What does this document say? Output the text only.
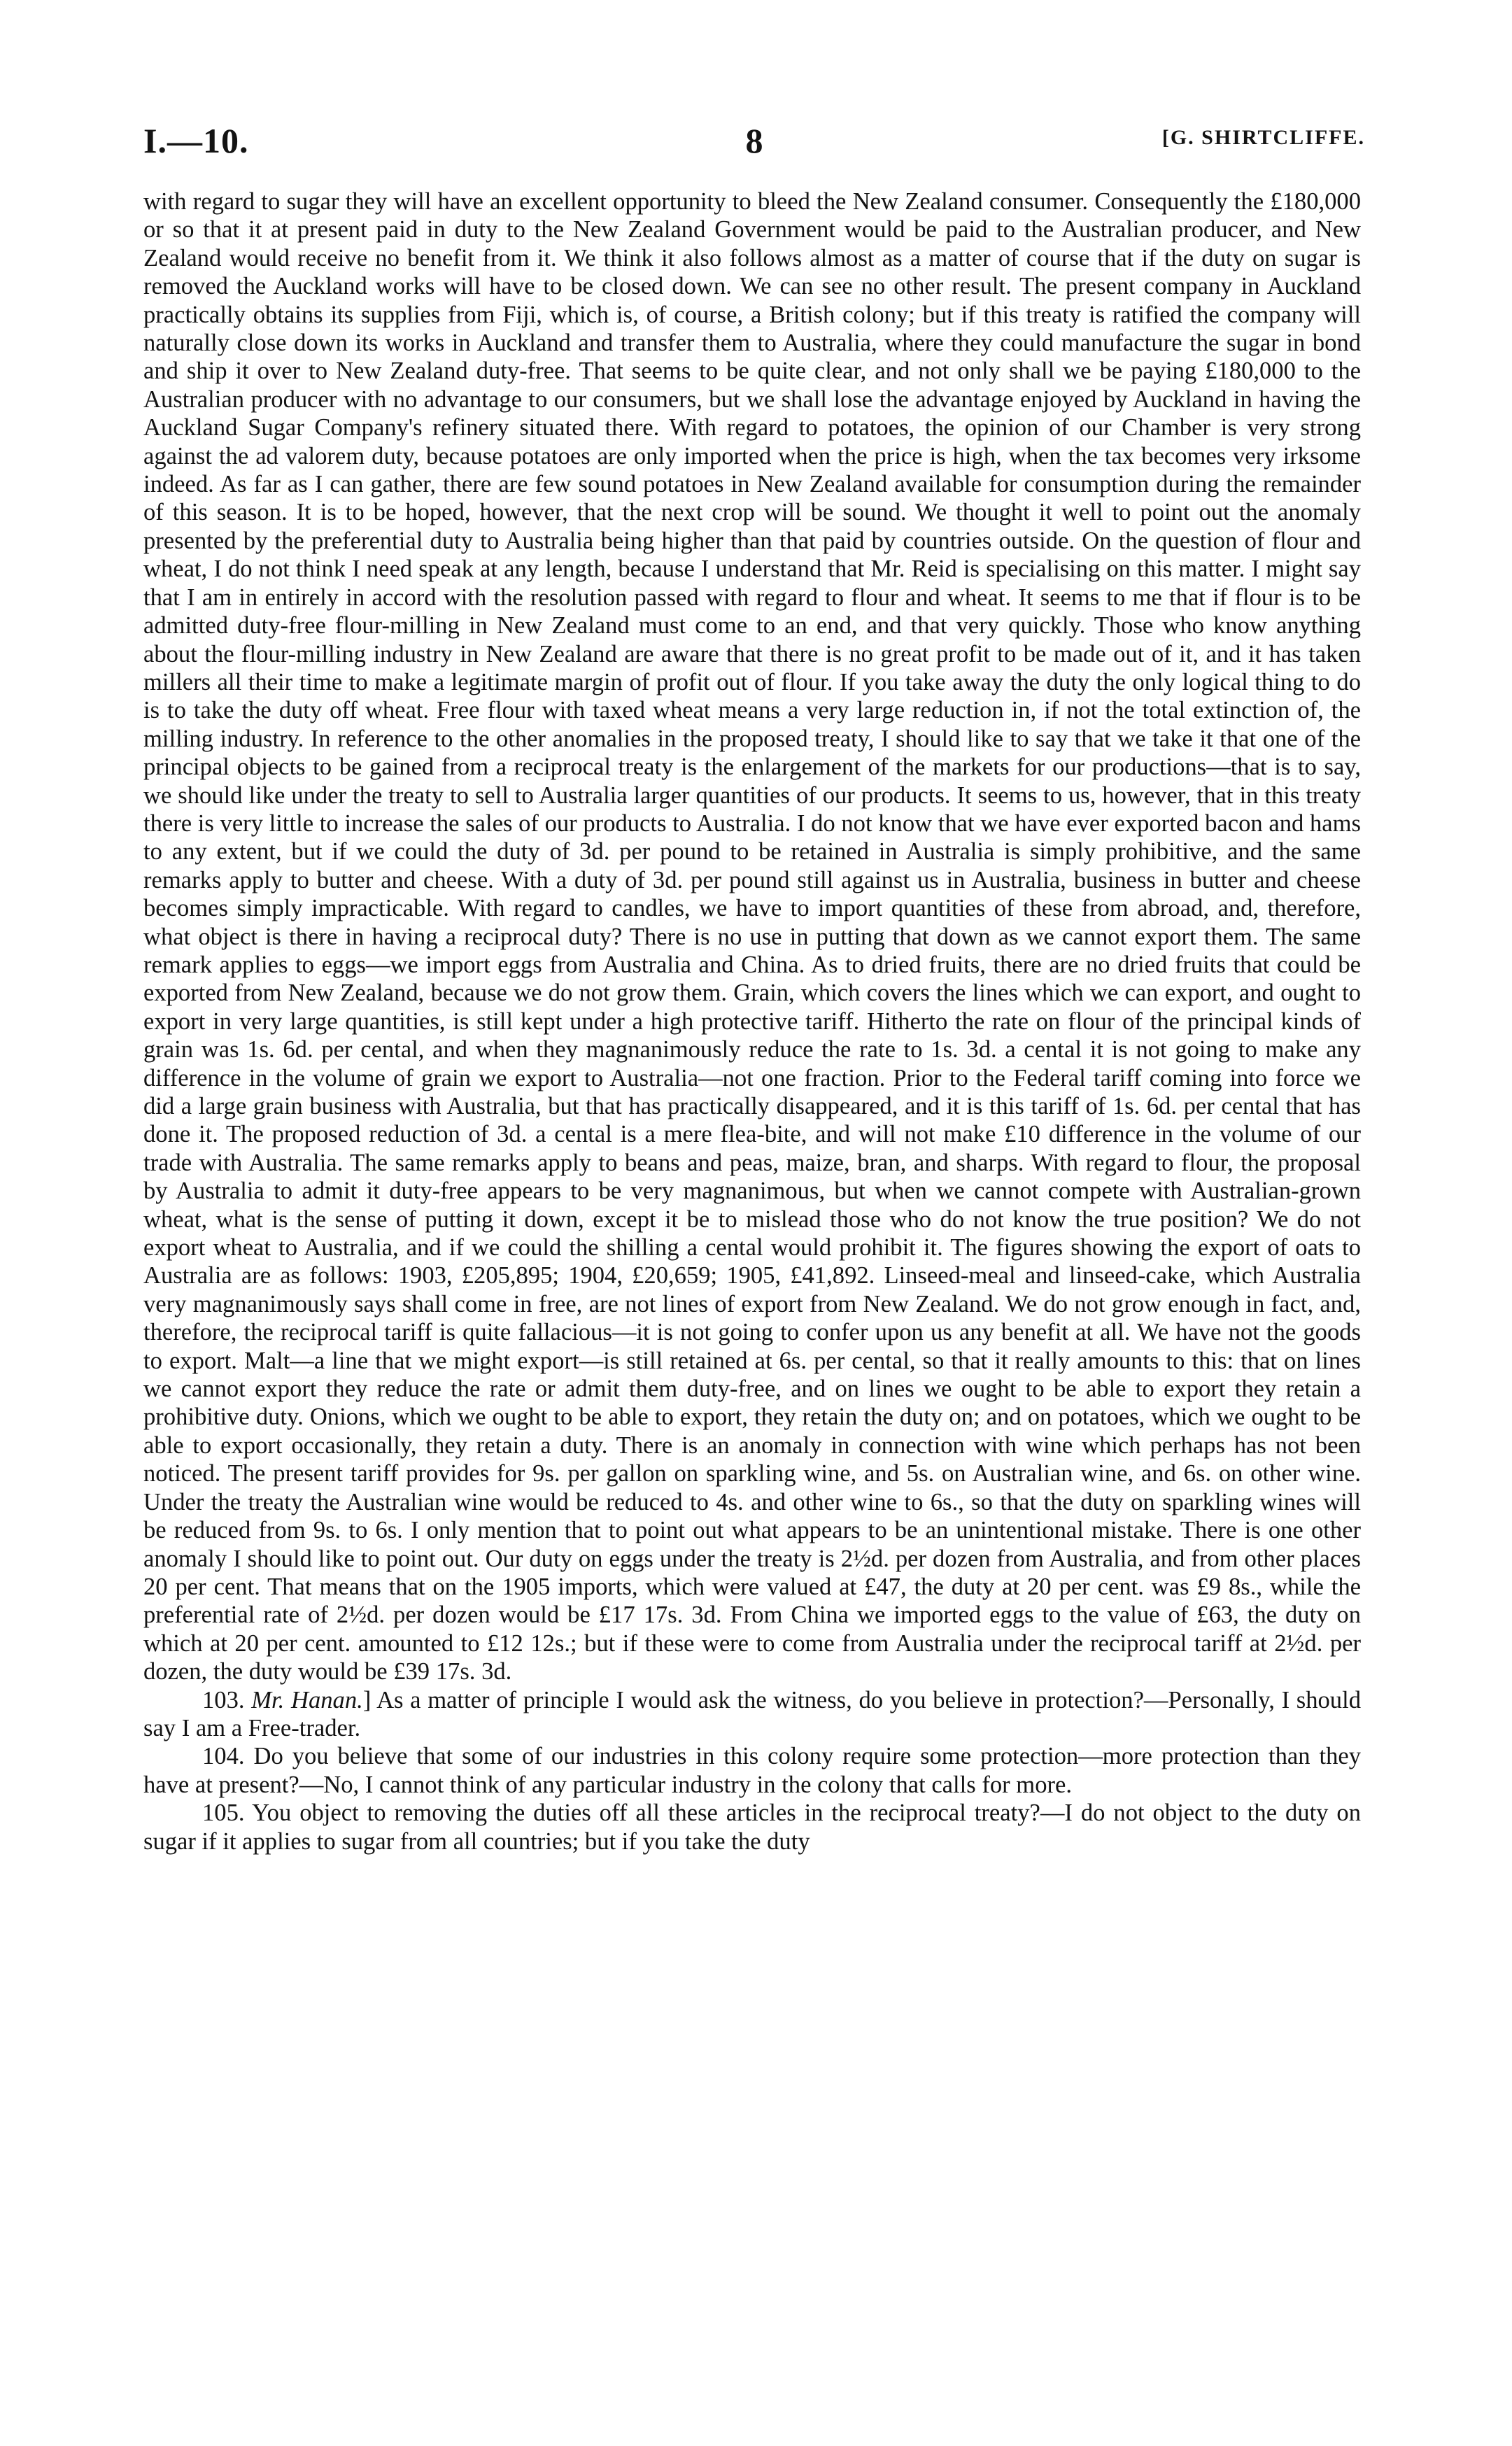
I.—10.	8	[G. SHIRTCLIFFE.

with regard to sugar they will have an excellent opportunity to bleed the New Zealand consumer. Consequently the £180,000 or so that it at present paid in duty to the New Zealand Government would be paid to the Australian producer, and New Zealand would receive no benefit from it. We think it also follows almost as a matter of course that if the duty on sugar is removed the Auckland works will have to be closed down. We can see no other result. The present company in Auckland practically obtains its supplies from Fiji, which is, of course, a British colony; but if this treaty is ratified the company will naturally close down its works in Auckland and transfer them to Australia, where they could manufacture the sugar in bond and ship it over to New Zealand duty-free. That seems to be quite clear, and not only shall we be paying £180,000 to the Australian producer with no advantage to our consumers, but we shall lose the advantage enjoyed by Auckland in having the Auckland Sugar Company's refinery situated there. With regard to potatoes, the opinion of our Chamber is very strong against the ad valorem duty, because potatoes are only imported when the price is high, when the tax becomes very irksome indeed. As far as I can gather, there are few sound potatoes in New Zealand available for consumption during the remainder of this season. It is to be hoped, however, that the next crop will be sound. We thought it well to point out the anomaly presented by the preferential duty to Australia being higher than that paid by countries outside. On the question of flour and wheat, I do not think I need speak at any length, because I understand that Mr. Reid is specialising on this matter. I might say that I am in entirely in accord with the resolution passed with regard to flour and wheat. It seems to me that if flour is to be admitted duty-free flour-milling in New Zealand must come to an end, and that very quickly. Those who know anything about the flour-milling industry in New Zealand are aware that there is no great profit to be made out of it, and it has taken millers all their time to make a legitimate margin of profit out of flour. If you take away the duty the only logical thing to do is to take the duty off wheat. Free flour with taxed wheat means a very large reduction in, if not the total extinction of, the milling industry. In reference to the other anomalies in the proposed treaty, I should like to say that we take it that one of the principal objects to be gained from a reciprocal treaty is the enlargement of the markets for our productions—that is to say, we should like under the treaty to sell to Australia larger quantities of our products. It seems to us, however, that in this treaty there is very little to increase the sales of our products to Australia. I do not know that we have ever exported bacon and hams to any extent, but if we could the duty of 3d. per pound to be retained in Australia is simply prohibitive, and the same remarks apply to butter and cheese. With a duty of 3d. per pound still against us in Australia, business in butter and cheese becomes simply impracticable. With regard to candles, we have to import quantities of these from abroad, and, therefore, what object is there in having a reciprocal duty? There is no use in putting that down as we cannot export them. The same remark applies to eggs—we import eggs from Australia and China. As to dried fruits, there are no dried fruits that could be exported from New Zealand, because we do not grow them. Grain, which covers the lines which we can export, and ought to export in very large quantities, is still kept under a high protective tariff. Hitherto the rate on flour of the principal kinds of grain was 1s. 6d. per cental, and when they magnanimously reduce the rate to 1s. 3d. a cental it is not going to make any difference in the volume of grain we export to Australia—not one fraction. Prior to the Federal tariff coming into force we did a large grain business with Australia, but that has practically disappeared, and it is this tariff of 1s. 6d. per cental that has done it. The proposed reduction of 3d. a cental is a mere flea-bite, and will not make £10 difference in the volume of our trade with Australia. The same remarks apply to beans and peas, maize, bran, and sharps. With regard to flour, the proposal by Australia to admit it duty-free appears to be very magnanimous, but when we cannot compete with Australian-grown wheat, what is the sense of putting it down, except it be to mislead those who do not know the true position? We do not export wheat to Australia, and if we could the shilling a cental would prohibit it. The figures showing the export of oats to Australia are as follows: 1903, £205,895; 1904, £20,659; 1905, £41,892. Linseed-meal and linseed-cake, which Australia very magnanimously says shall come in free, are not lines of export from New Zealand. We do not grow enough in fact, and, therefore, the reciprocal tariff is quite fallacious—it is not going to confer upon us any benefit at all. We have not the goods to export. Malt—a line that we might export—is still retained at 6s. per cental, so that it really amounts to this: that on lines we cannot export they reduce the rate or admit them duty-free, and on lines we ought to be able to export they retain a prohibitive duty. Onions, which we ought to be able to export, they retain the duty on; and on potatoes, which we ought to be able to export occasionally, they retain a duty. There is an anomaly in connection with wine which perhaps has not been noticed. The present tariff provides for 9s. per gallon on sparkling wine, and 5s. on Australian wine, and 6s. on other wine. Under the treaty the Australian wine would be reduced to 4s. and other wine to 6s., so that the duty on sparkling wines will be reduced from 9s. to 6s. I only mention that to point out what appears to be an unintentional mistake. There is one other anomaly I should like to point out. Our duty on eggs under the treaty is 2½d. per dozen from Australia, and from other places 20 per cent. That means that on the 1905 imports, which were valued at £47, the duty at 20 per cent. was £9 8s., while the preferential rate of 2½d. per dozen would be £17 17s. 3d. From China we imported eggs to the value of £63, the duty on which at 20 per cent. amounted to £12 12s.; but if these were to come from Australia under the reciprocal tariff at 2½d. per dozen, the duty would be £39 17s. 3d.

103. Mr. Hanan.] As a matter of principle I would ask the witness, do you believe in protection?—Personally, I should say I am a Free-trader.

104. Do you believe that some of our industries in this colony require some protection—more protection than they have at present?—No, I cannot think of any particular industry in the colony that calls for more.

105. You object to removing the duties off all these articles in the reciprocal treaty?—I do not object to the duty on sugar if it applies to sugar from all countries; but if you take the duty
